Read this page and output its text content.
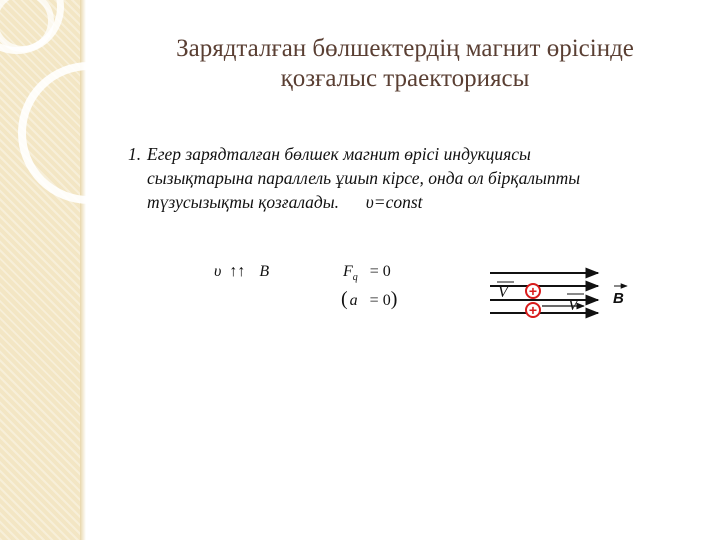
Зарядталған бөлшектердің магнит өрісінде
қозғалыс траекториясы
1. Егер зарядталған бөлшек магнит өрісі индукциясы
сызықтарына параллель ұшып кірсе, онда ол бірқалыпты
түзусызықты қозғалады. υ=const
υ ↑↑ B	$F_q = 0$
( a = 0)	V
V
+
+
B
